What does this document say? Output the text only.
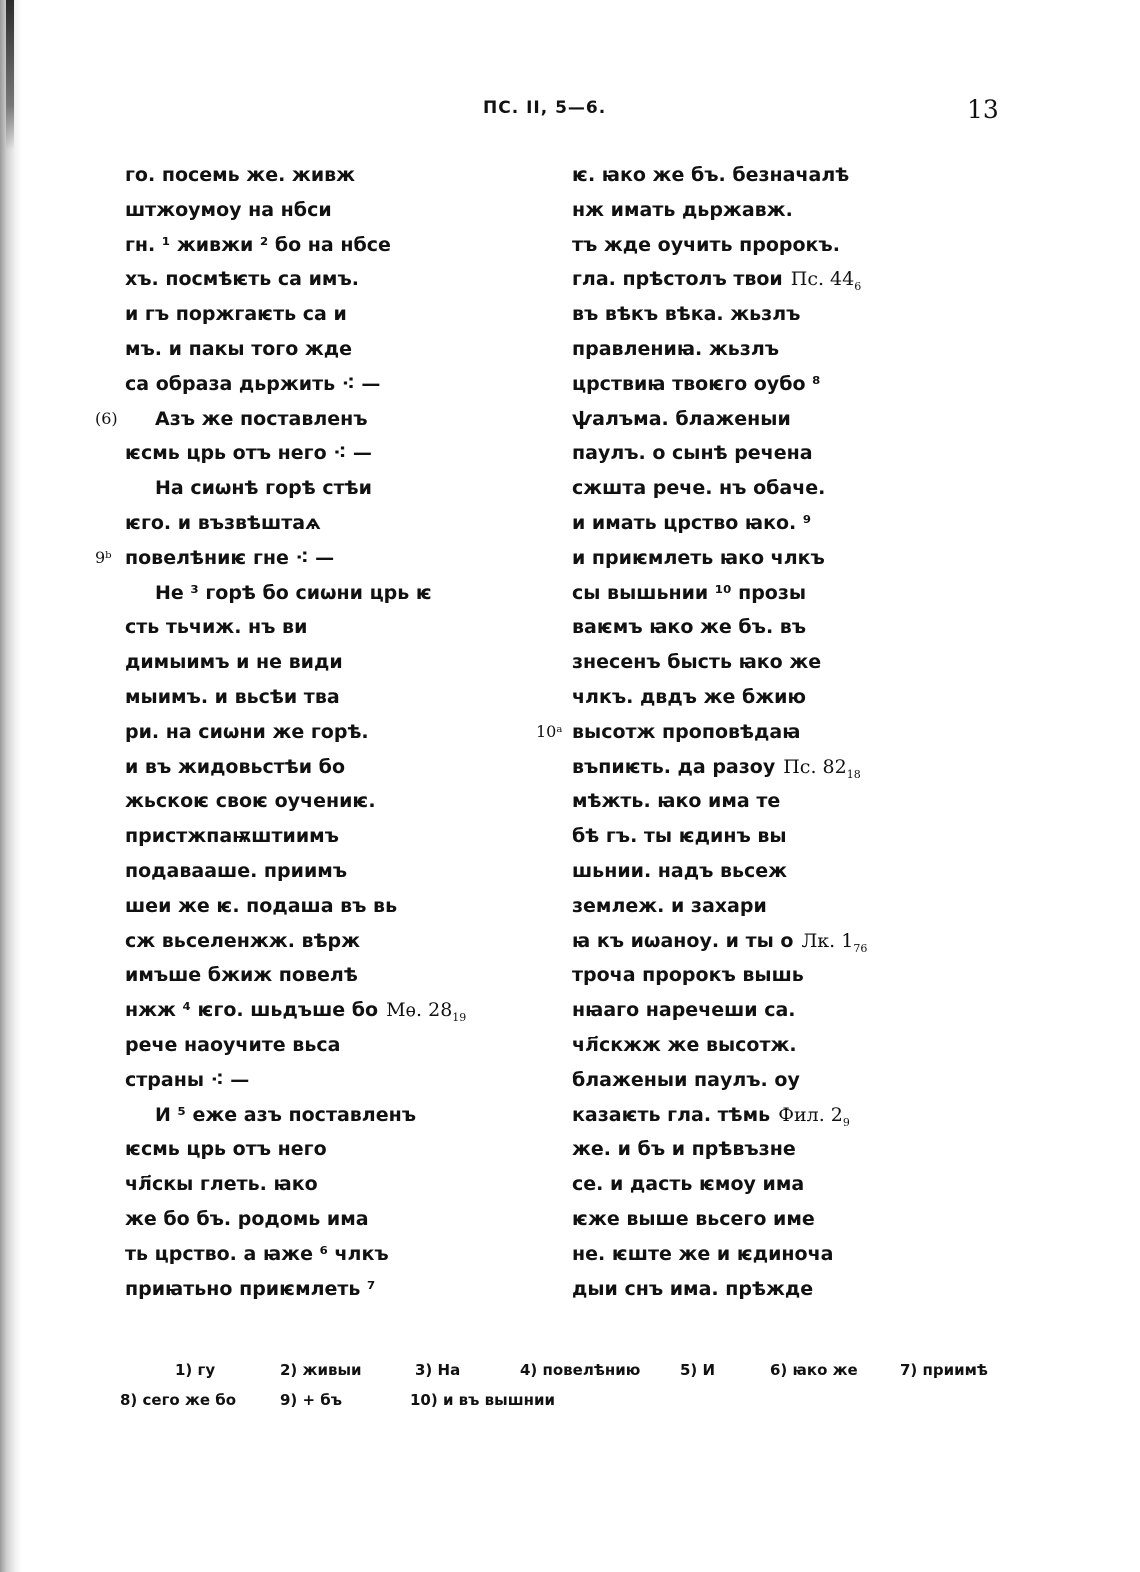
ПС. II, 5—6.	13
го. посемь же. живж
штжоумоу на нбси
гн. ¹ живжи ² бо на нбсе
хъ. посмѣѥть са имъ.
и гъ поржгаѥть са и
мъ. и пакы того жде
са образа дьржить ⁖ —
(6) Азъ же поставленъ
ѥсмь црь отъ него ⁖ —
На сиѡнѣ горѣ стѣи
ѥго. и възвѣштаѧ
9ᵇ повелѣниѥ гне ⁖ —
Не ³ горѣ бо сиѡни црь ѥ
сть тьчиж. нъ ви
димыимъ и не види
мыимъ. и вьсѣи тва
ри. на сиѡни же горѣ.
и въ жидовьстѣи бо
жьскоѥ своѥ оучениѥ.
пристжпаѭштиимъ
подавааше. приимъ
шеи же ѥ. подаша въ вь
сж вьселенжж. вѣрж
имъше бжиж повелѣ
нжж ⁴ ѥго. шьдъше бо Мѳ. $28_{19}$
рече наоучите вьса
страны ⁖ —
И ⁵ еже азъ поставленъ
ѥсмь црь отъ него
чл҃скы глеть. ꙗко
же бо бъ. родомь има
ть црство. а ꙗже ⁶ члкъ
приꙗтьно приѥмлеть ⁷
ѥ. ꙗко же бъ. безначалѣ
нж имать дьржавж.
тъ жде оучить пророкъ.
гла. прѣстолъ твои Пс. $44_6$
въ вѣкъ вѣка. жьзлъ
правлениꙗ. жьзлъ
црствиꙗ твоѥго оубо ⁸
ѱалъма. блаженыи
паулъ. о сынѣ речена
сжшта рече. нъ обаче.
и имать црство ꙗко. ⁹
и приѥмлеть ꙗко члкъ
сы вышьнии ¹⁰ прозы
ваѥмъ ꙗко же бъ. въ
знесенъ бысть ꙗко же
члкъ. двдъ же бжию
10ᵃ высотж проповѣдаꙗ
въпиѥть. да разоу Пс. $82_{18}$
мѣжть. ꙗко има те
бѣ гъ. ты ѥдинъ вы
шьнии. надъ вьсеж
землеж. и захари
ꙗ къ иѡаноу. и ты о Лк. $1_{76}$
троча пророкъ вышь
нꙗаго наречеши са.
чл҃скжж же высотж.
блаженыи паулъ. оу
казаѥть гла. тѣмь Фил. $2_9$
же. и бъ и прѣвъзне
се. и дасть ѥмоу има
ѥже выше вьсего име
не. ѥште же и ѥдиноча
дыи снъ има. прѣжде
1) гу	2) живыи	3) На	4) повелѣнию	5) И	6) ꙗко же	7) приимѣ
8) сего же бо	9) + бъ	10) и въ вышнии
